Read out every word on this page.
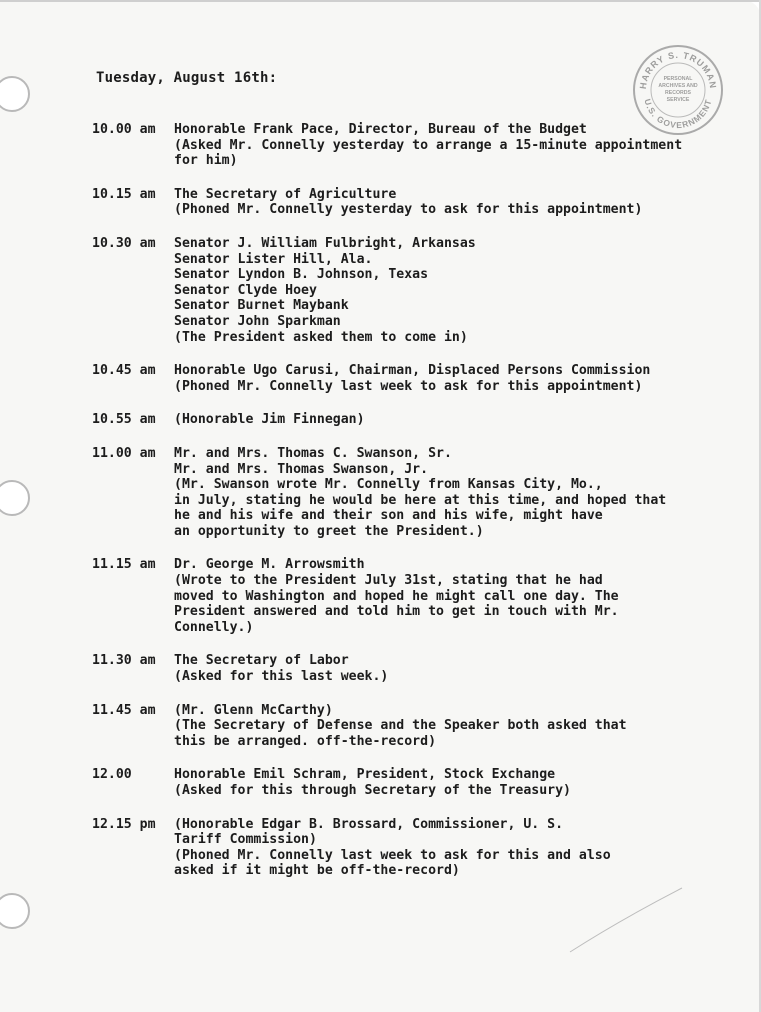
Tuesday, August 16th:	HARRY S. TRUMAN
PERSONAL
ARCHIVES AND
RECORDS
SERVICE
U.S. GOVERNMENT
10.00 am	Honorable Frank Pace, Director, Bureau of the Budget
(Asked Mr. Connelly yesterday to arrange a 15-minute appointment
for him)
10.15 am	The Secretary of Agriculture
(Phoned Mr. Connelly yesterday to ask for this appointment)
10.30 am	Senator J. William Fulbright, Arkansas
Senator Lister Hill, Ala.
Senator Lyndon B. Johnson, Texas
Senator Clyde Hoey
Senator Burnet Maybank
Senator John Sparkman
(The President asked them to come in)
10.45 am	Honorable Ugo Carusi, Chairman, Displaced Persons Commission
(Phoned Mr. Connelly last week to ask for this appointment)
10.55 am	(Honorable Jim Finnegan)
11.00 am	Mr. and Mrs. Thomas C. Swanson, Sr.
Mr. and Mrs. Thomas Swanson, Jr.
(Mr. Swanson wrote Mr. Connelly from Kansas City, Mo.,
in July, stating he would be here at this time, and hoped that
he and his wife and their son and his wife, might have
an opportunity to greet the President.)
11.15 am	Dr. George M. Arrowsmith
(Wrote to the President July 31st, stating that he had
moved to Washington and hoped he might call one day. The
President answered and told him to get in touch with Mr.
Connelly.)
11.30 am	The Secretary of Labor
(Asked for this last week.)
11.45 am	(Mr. Glenn McCarthy)
(The Secretary of Defense and the Speaker both asked that
this be arranged. off-the-record)
12.00	Honorable Emil Schram, President, Stock Exchange
(Asked for this through Secretary of the Treasury)
12.15 pm	(Honorable Edgar B. Brossard, Commissioner, U. S.
Tariff Commission)
(Phoned Mr. Connelly last week to ask for this and also
asked if it might be off-the-record)
